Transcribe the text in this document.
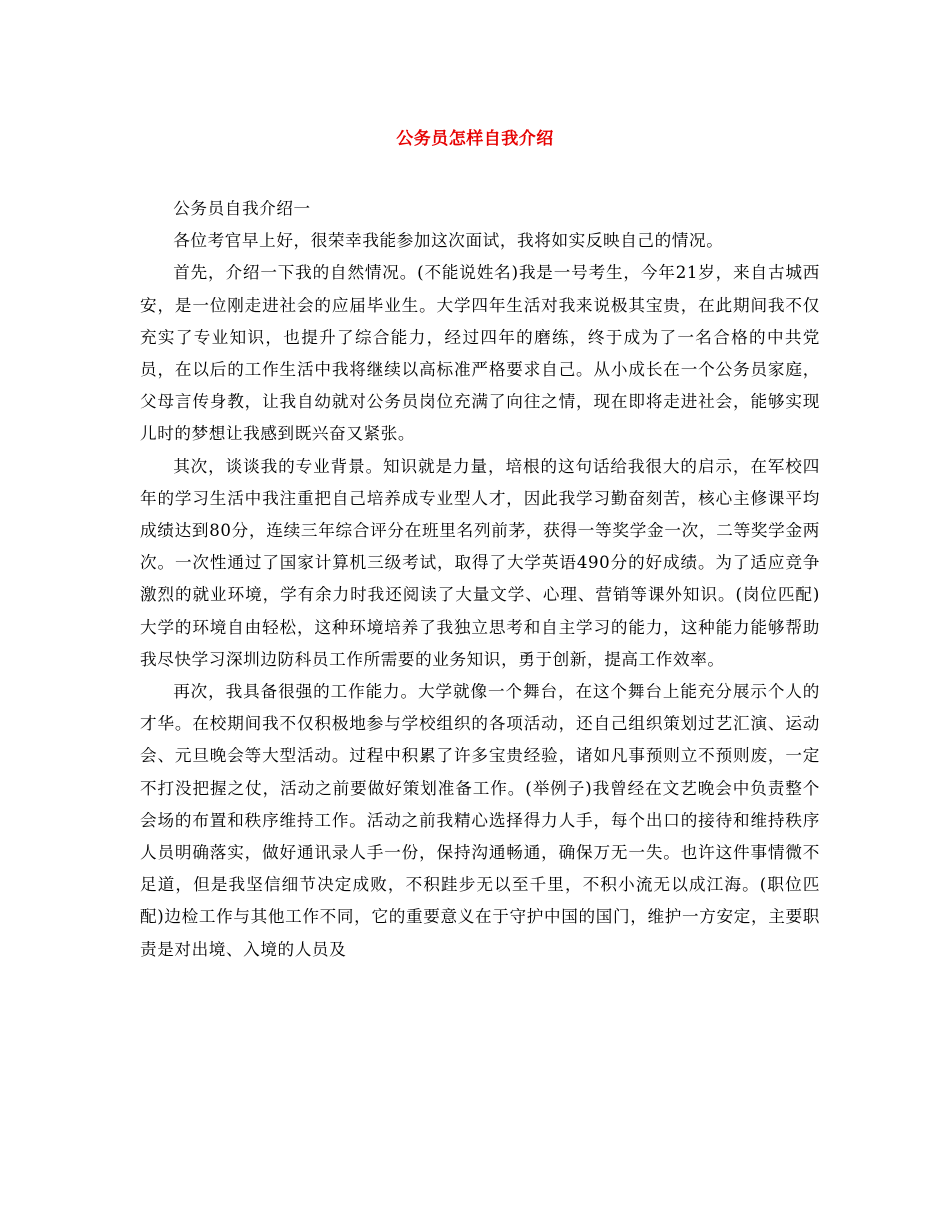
公务员怎样自我介绍

公务员自我介绍一

各位考官早上好，很荣幸我能参加这次面试，我将如实反映自己的情况。

首先，介绍一下我的自然情况。(不能说姓名)我是一号考生，今年21岁，来自古城西安，是一位刚走进社会的应届毕业生。大学四年生活对我来说极其宝贵，在此期间我不仅充实了专业知识，也提升了综合能力，经过四年的磨练，终于成为了一名合格的中共党员，在以后的工作生活中我将继续以高标准严格要求自己。从小成长在一个公务员家庭，父母言传身教，让我自幼就对公务员岗位充满了向往之情，现在即将走进社会，能够实现儿时的梦想让我感到既兴奋又紧张。

其次，谈谈我的专业背景。知识就是力量，培根的这句话给我很大的启示，在军校四年的学习生活中我注重把自己培养成专业型人才，因此我学习勤奋刻苦，核心主修课平均成绩达到80分，连续三年综合评分在班里名列前茅，获得一等奖学金一次，二等奖学金两次。一次性通过了国家计算机三级考试，取得了大学英语490分的好成绩。为了适应竞争激烈的就业环境，学有余力时我还阅读了大量文学、心理、营销等课外知识。(岗位匹配)大学的环境自由轻松，这种环境培养了我独立思考和自主学习的能力，这种能力能够帮助我尽快学习深圳边防科员工作所需要的业务知识，勇于创新，提高工作效率。

再次，我具备很强的工作能力。大学就像一个舞台，在这个舞台上能充分展示个人的才华。在校期间我不仅积极地参与学校组织的各项活动，还自己组织策划过艺汇演、运动会、元旦晚会等大型活动。过程中积累了许多宝贵经验，诸如凡事预则立不预则废，一定不打没把握之仗，活动之前要做好策划准备工作。(举例子)我曾经在文艺晚会中负责整个会场的布置和秩序维持工作。活动之前我精心选择得力人手，每个出口的接待和维持秩序人员明确落实，做好通讯录人手一份，保持沟通畅通，确保万无一失。也许这件事情微不足道，但是我坚信细节决定成败，不积跬步无以至千里，不积小流无以成江海。(职位匹配)边检工作与其他工作不同，它的重要意义在于守护中国的国门，维护一方安定，主要职责是对出境、入境的人员及
